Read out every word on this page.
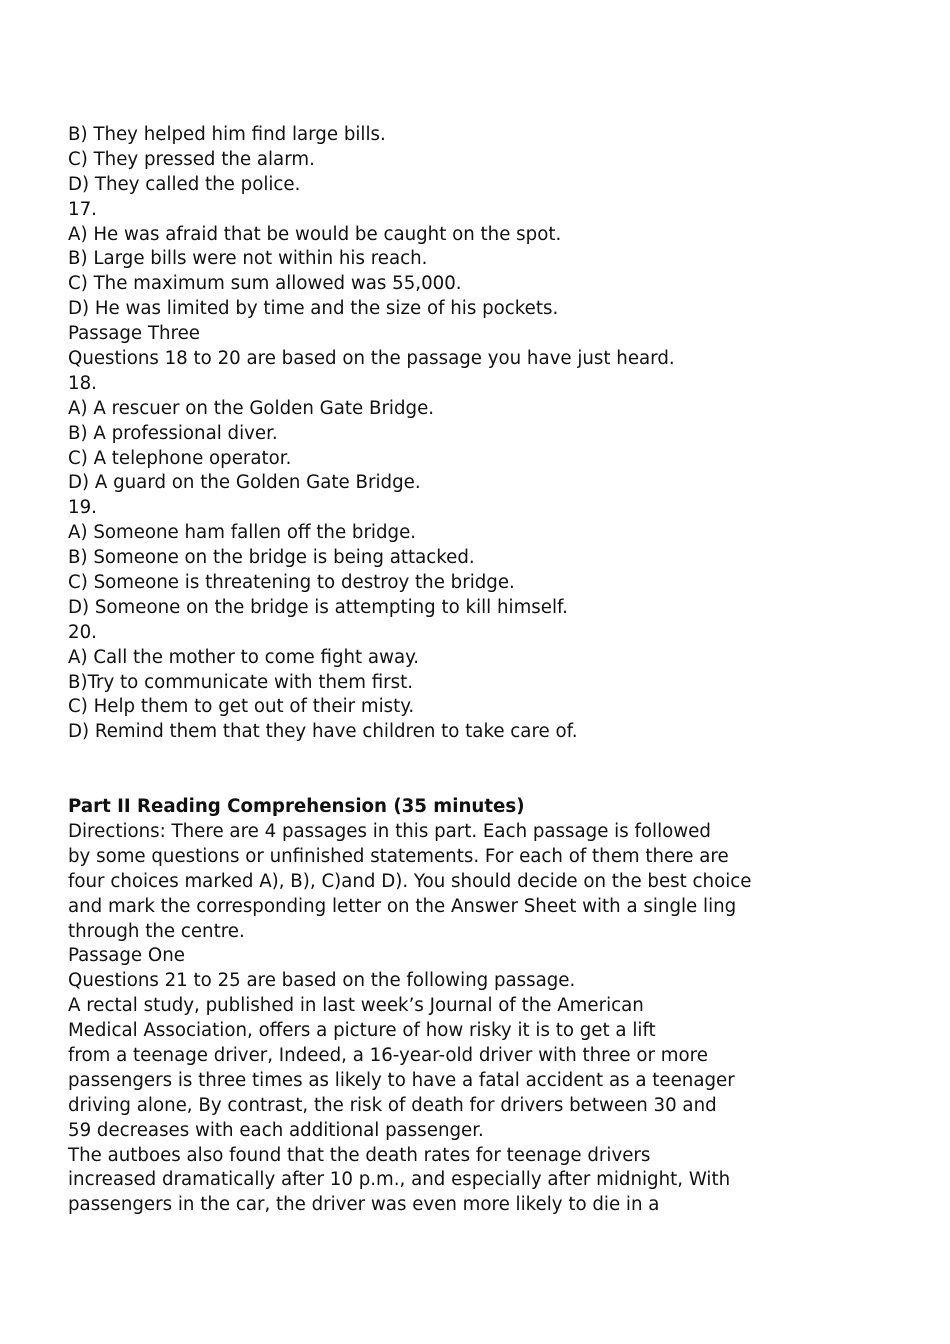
B) They helped him find large bills.
C) They pressed the alarm.
D) They called the police.
17.
A) He was afraid that be would be caught on the spot.
B) Large bills were not within his reach.
C) The maximum sum allowed was 55,000.
D) He was limited by time and the size of his pockets.
Passage Three
Questions 18 to 20 are based on the passage you have just heard.
18.
A) A rescuer on the Golden Gate Bridge.
B) A professional diver.
C) A telephone operator.
D) A guard on the Golden Gate Bridge.
19.
A) Someone ham fallen off the bridge.
B) Someone on the bridge is being attacked.
C) Someone is threatening to destroy the bridge.
D) Someone on the bridge is attempting to kill himself.
20.
A) Call the mother to come fight away.
B)Try to communicate with them first.
C) Help them to get out of their misty.
D) Remind them that they have children to take care of.
Part II Reading Comprehension (35 minutes)
Directions: There are 4 passages in this part. Each passage is followed
by some questions or unfinished statements. For each of them there are
four choices marked A), B), C)and D). You should decide on the best choice
and mark the corresponding letter on the Answer Sheet with a single ling
through the centre.
Passage One
Questions 21 to 25 are based on the following passage.
A rectal study, published in last week’s Journal of the American
Medical Association, offers a picture of how risky it is to get a lift
from a teenage driver, Indeed, a 16-year-old driver with three or more
passengers is three times as likely to have a fatal accident as a teenager
driving alone, By contrast, the risk of death for drivers between 30 and
59 decreases with each additional passenger.
The autboes also found that the death rates for teenage drivers
increased dramatically after 10 p.m., and especially after midnight, With
passengers in the car, the driver was even more likely to die in a
